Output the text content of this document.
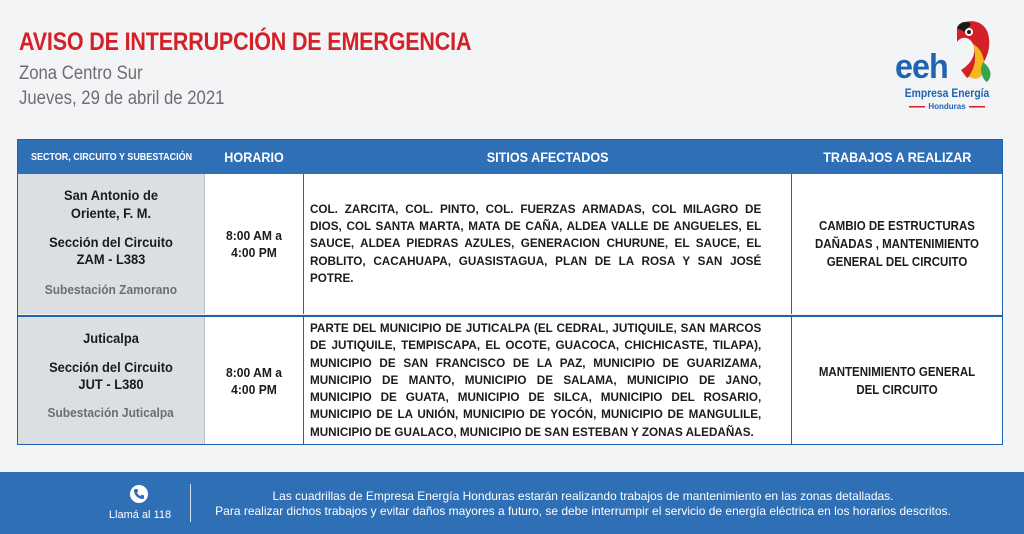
AVISO DE INTERRUPCIÓN DE EMERGENCIA
Zona Centro Sur
Jueves, 29 de abril de 2021
eeh
Empresa Energía
Honduras
SECTOR, CIRCUITO Y SUBESTACIÓN HORARIO	SITIOS AFECTADOS	TRABAJOS A REALIZAR
San Antonio de Oriente, F. M.
Sección del Circuito ZAM - L383
Subestación Zamorano
8:00 AM a 4:00 PM
COL. ZARCITA, COL. PINTO, COL. FUERZAS ARMADAS, COL MILAGRO DE DIOS, COL SANTA MARTA, MATA DE CAÑA, ALDEA VALLE DE ANGUELES, EL SAUCE, ALDEA PIEDRAS AZULES, GENERACION CHURUNE, EL SAUCE, EL ROBLITO, CACAHUAPA, GUASISTAGUA, PLAN DE LA ROSA Y SAN JOSÉ POTRE.
CAMBIO DE ESTRUCTURAS DAÑADAS , MANTENIMIENTO GENERAL DEL CIRCUITO
Juticalpa
Sección del Circuito JUT - L380
Subestación Juticalpa
8:00 AM a 4:00 PM
PARTE DEL MUNICIPIO DE JUTICALPA (EL CEDRAL, JUTIQUILE, SAN MARCOS DE JUTIQUILE, TEMPISCAPA, EL OCOTE, GUACOCA, CHICHICASTE, TILAPA), MUNICIPIO DE SAN FRANCISCO DE LA PAZ, MUNICIPIO DE GUARIZAMA, MUNICIPIO DE MANTO, MUNICIPIO DE SALAMA, MUNICIPIO DE JANO, MUNICIPIO DE GUATA, MUNICIPIO DE SILCA, MUNICIPIO DEL ROSARIO, MUNICIPIO DE LA UNIÓN, MUNICIPIO DE YOCÓN, MUNICIPIO DE MANGULILE, MUNICIPIO DE GUALACO, MUNICIPIO DE SAN ESTEBAN Y ZONAS ALEDAÑAS.
MANTENIMIENTO GENERAL DEL CIRCUITO
Llamá al 118
Las cuadrillas de Empresa Energía Honduras estarán realizando trabajos de mantenimiento en las zonas detalladas.
Para realizar dichos trabajos y evitar daños mayores a futuro, se debe interrumpir el servicio de energía eléctrica en los horarios descritos.
